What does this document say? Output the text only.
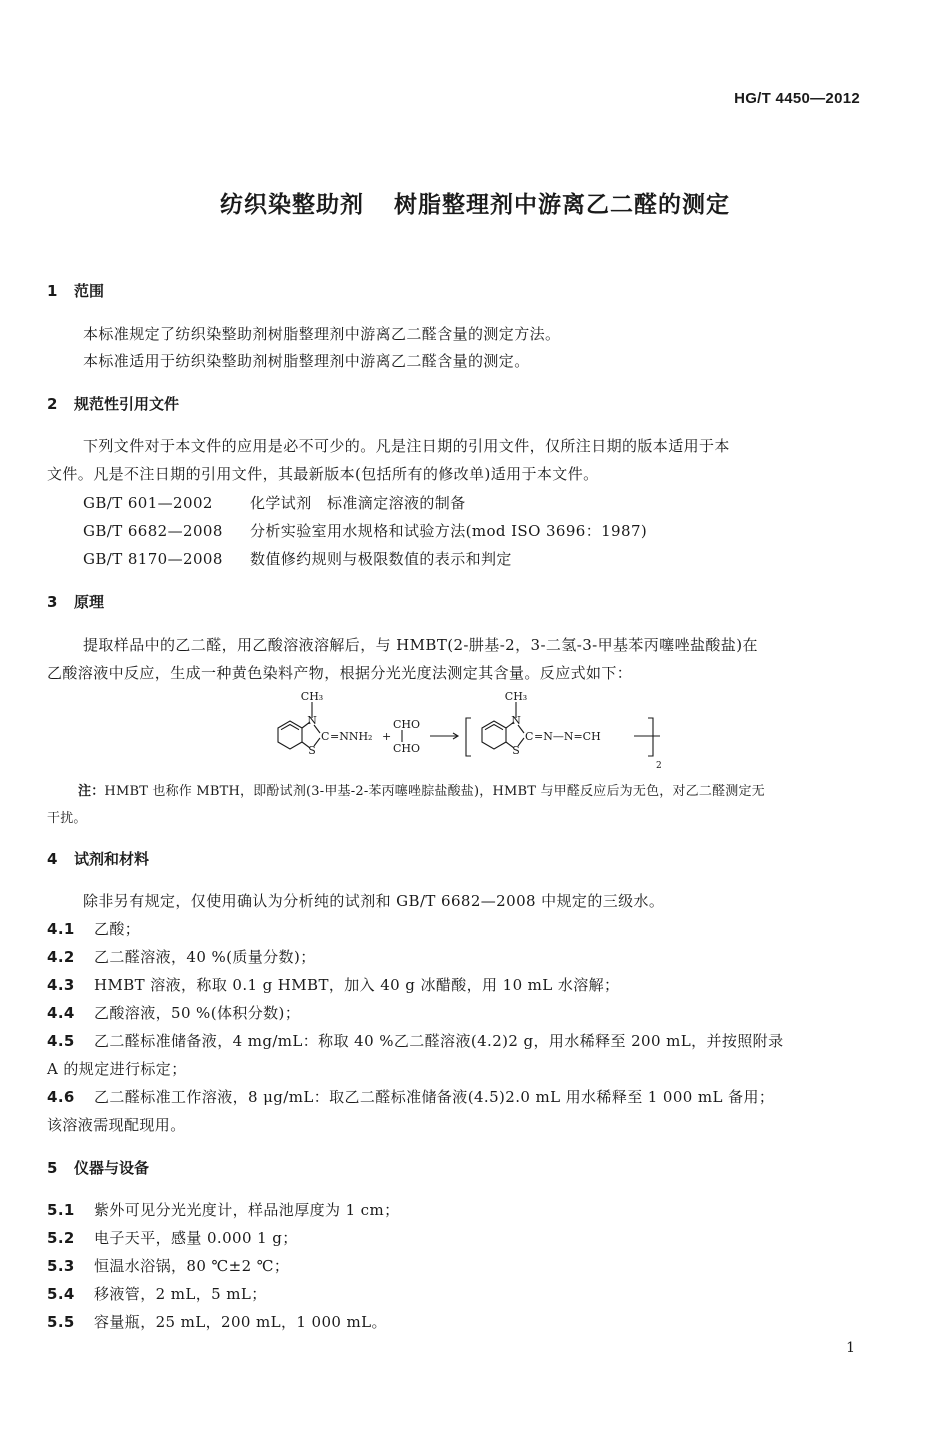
HG/T 4450—2012
纺织染整助剂 树脂整理剂中游离乙二醛的测定
1 范围
本标准规定了纺织染整助剂树脂整理剂中游离乙二醛含量的测定方法。
本标准适用于纺织染整助剂树脂整理剂中游离乙二醛含量的测定。
2 规范性引用文件
下列文件对于本文件的应用是必不可少的。凡是注日期的引用文件，仅所注日期的版本适用于本
文件。凡是不注日期的引用文件，其最新版本(包括所有的修改单)适用于本文件。
GB/T 601—2002 化学试剂　标准滴定溶液的制备
GB/T 6682—2008 分析实验室用水规格和试验方法(mod ISO 3696：1987)
GB/T 8170—2008 数值修约规则与极限数值的表示和判定
3 原理
提取样品中的乙二醛，用乙酸溶液溶解后，与 HMBT(2-肼基-2，3-二氢-3-甲基苯丙噻唑盐酸盐)在
乙酸溶液中反应，生成一种黄色染料产物，根据分光光度法测定其含量。反应式如下：
CH₃
N
S
C =NNH₂ +
CHO
CHO
CH₃
N
S
C =N—N=CH
2
注：HMBT 也称作 MBTH，即酚试剂(3-甲基-2-苯丙噻唑腙盐酸盐)，HMBT 与甲醛反应后为无色，对乙二醛测定无
干扰。
4 试剂和材料
除非另有规定，仅使用确认为分析纯的试剂和 GB/T 6682—2008 中规定的三级水。
4.1 乙酸；
4.2 乙二醛溶液，40 %(质量分数)；
4.3 HMBT 溶液，称取 0.1 g HMBT，加入 40 g 冰醋酸，用 10 mL 水溶解；
4.4 乙酸溶液，50 %(体积分数)；
4.5 乙二醛标准储备液，4 mg/mL：称取 40 %乙二醛溶液(4.2)2 g，用水稀释至 200 mL，并按照附录
A 的规定进行标定；
4.6 乙二醛标准工作溶液，8 μg/mL：取乙二醛标准储备液(4.5)2.0 mL 用水稀释至 1 000 mL 备用；
该溶液需现配现用。
5 仪器与设备
5.1 紫外可见分光光度计，样品池厚度为 1 cm；
5.2 电子天平，感量 0.000 1 g；
5.3 恒温水浴锅，80 ℃±2 ℃；
5.4 移液管，2 mL，5 mL；
5.5 容量瓶，25 mL，200 mL，1 000 mL。
1
